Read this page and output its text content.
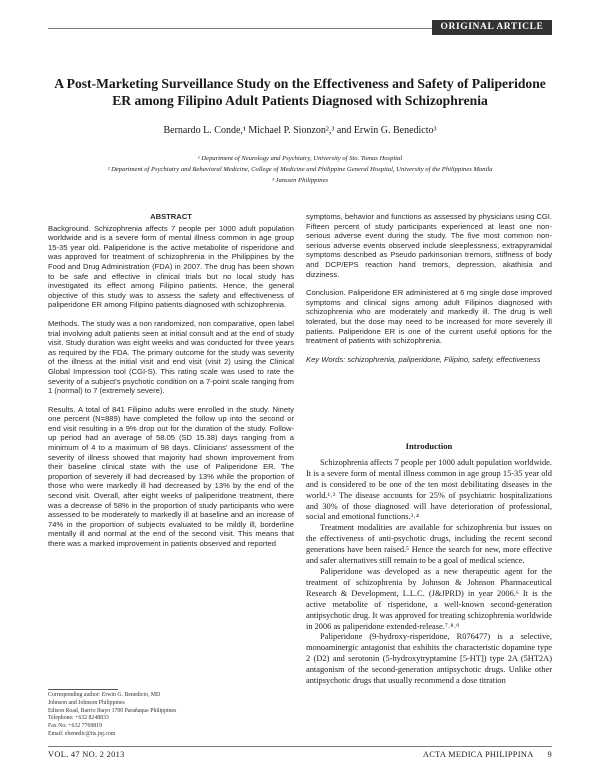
ORIGINAL ARTICLE
A Post-Marketing Surveillance Study on the Effectiveness and Safety of Paliperidone ER among Filipino Adult Patients Diagnosed with Schizophrenia
Bernardo L. Conde,¹ Michael P. Sionzon²,³ and Erwin G. Benedicto³
¹ Department of Neurology and Psychiatry, University of Sto. Tomas Hospital
² Department of Psychiatry and Behavioral Medicine, College of Medicine and Philippine General Hospital, University of the Philippines Manila
³ Janssen Philippines
ABSTRACT

Background. Schizophrenia affects 7 people per 1000 adult population worldwide and is a severe form of mental illness common in age group 15-35 year old. Paliperidone is the active metabolite of risperidone and was approved for treatment of schizophrenia in the Philippines by the Food and Drug Administration (FDA) in 2007. The drug has been shown to be safe and effective in clinical trials but no local study has investigated its effect among Filipino patients. Hence, the general objective of this study was to assess the safety and effectiveness of paliperidone ER among Filipino patients diagnosed with schizophrenia.

Methods. The study was a non randomized, non comparative, open label trial involving adult patients seen at initial consult and at the end of study visit. Study duration was eight weeks and was conducted for three years as required by the FDA. The primary outcome for the study was severity of the illness at the initial visit and end visit (visit 2) using the Clinical Global Impression tool (CGI-S). This rating scale was used to rate the severity of a subject's psychotic condition on a 7-point scale ranging from 1 (normal) to 7 (extremely severe).

Results. A total of 841 Filipino adults were enrolled in the study. Ninety one percent (N=889) have completed the follow up into the second or end visit resulting in a 9% drop out for the duration of the study. Follow-up period had an average of 58.05 (SD 15.38) days ranging from a minimum of 4 to a maximum of 98 days. Clinicians' assessment of the severity of illness showed that majority had shown improvement from their baseline clinical state with the use of Paliperidone ER. The proportion of severely ill had decreased by 13% while the proportion of those who were markedly ill had decreased by 13% by the end of the second visit. Overall, after eight weeks of paliperidone treatment, there was a decrease of 58% in the proportion of study participants who were assessed to be moderately to markedly ill at baseline and an increase of 74% in the proportion of subjects evaluated to be mildly ill, borderline mentally ill and normal at the end of the second visit. This means that there was a marked improvement in patients observed and reported

symptoms, behavior and functions as assessed by physicians using CGI. Fifteen percent of study participants experienced at least one non-serious adverse event during the study. The five most common non-serious adverse events observed include sleeplessness, extrapyramidal symptoms described as Pseudo parkinsonian tremors, stiffness of body and DCP/EPS reaction hand tremors, depression, akathisia and dizziness.

Conclusion. Paliperidone ER administered at 6 mg single dose improved symptoms and clinical signs among adult Filipinos diagnosed with schizophrenia who are moderately and markedly ill. The drug is well tolerated, but the dose may need to be increased for more severely ill patients. Paliperidone ER is one of the current useful options for the treatment of patients with schizophrenia.

Key Words: schizophrenia, paliperidone, Filipino, safety, effectiveness

Introduction

Schizophrenia affects 7 people per 1000 adult population worldwide. It is a severe form of mental illness common in age group 15-35 year old and is considered to be one of the ten most debilitating diseases in the world.¹˒² The disease accounts for 25% of psychiatric hospitalizations and 30% of those diagnosed will have deterioration of professional, social and emotional functions.³˒⁴

Treatment modalities are available for schizophrenia but issues on the effectiveness of anti-psychotic drugs, including the recent second generations have been raised.⁵ Hence the search for new, more effective and safer alternatives still remain to be a goal of medical science.

Paliperidone was developed as a new therapeutic agent for the treatment of schizophrenia by Johnson & Johnson Pharmaceutical Research & Development, L.L.C. (J&JPRD) in year 2006.⁶ It is the active metabolite of risperidone, a well-known second-generation antipsychotic drug. It was approved for treating schizophrenia worldwide in 2006 as paliperidone extended-release.⁷˒⁸˒⁹

Paliperidone (9-hydroxy-risperidone, R076477) is a selective, monoaminergic antagonist that exhibits the characteristic dopamine type 2 (D2) and serotonin (5-hydroxytryptamine [5-HT]) type 2A (5HT2A) antagonism of the second-generation antipsychotic drugs. Unlike other antipsychotic drugs that usually recommend a dose titration

Corresponding author: Erwin G. Benedicto, MD
Johnson and Johnson Philippines
Edison Road, Barrio Ibayo 1700 Parañaque Philippines
Telephone: +632 8248833
Fax No: +632 7769819
Email: ebenedic@its.jnj.com
VOL. 47 NO. 2 2013	ACTA MEDICA PHILIPPINA 9
